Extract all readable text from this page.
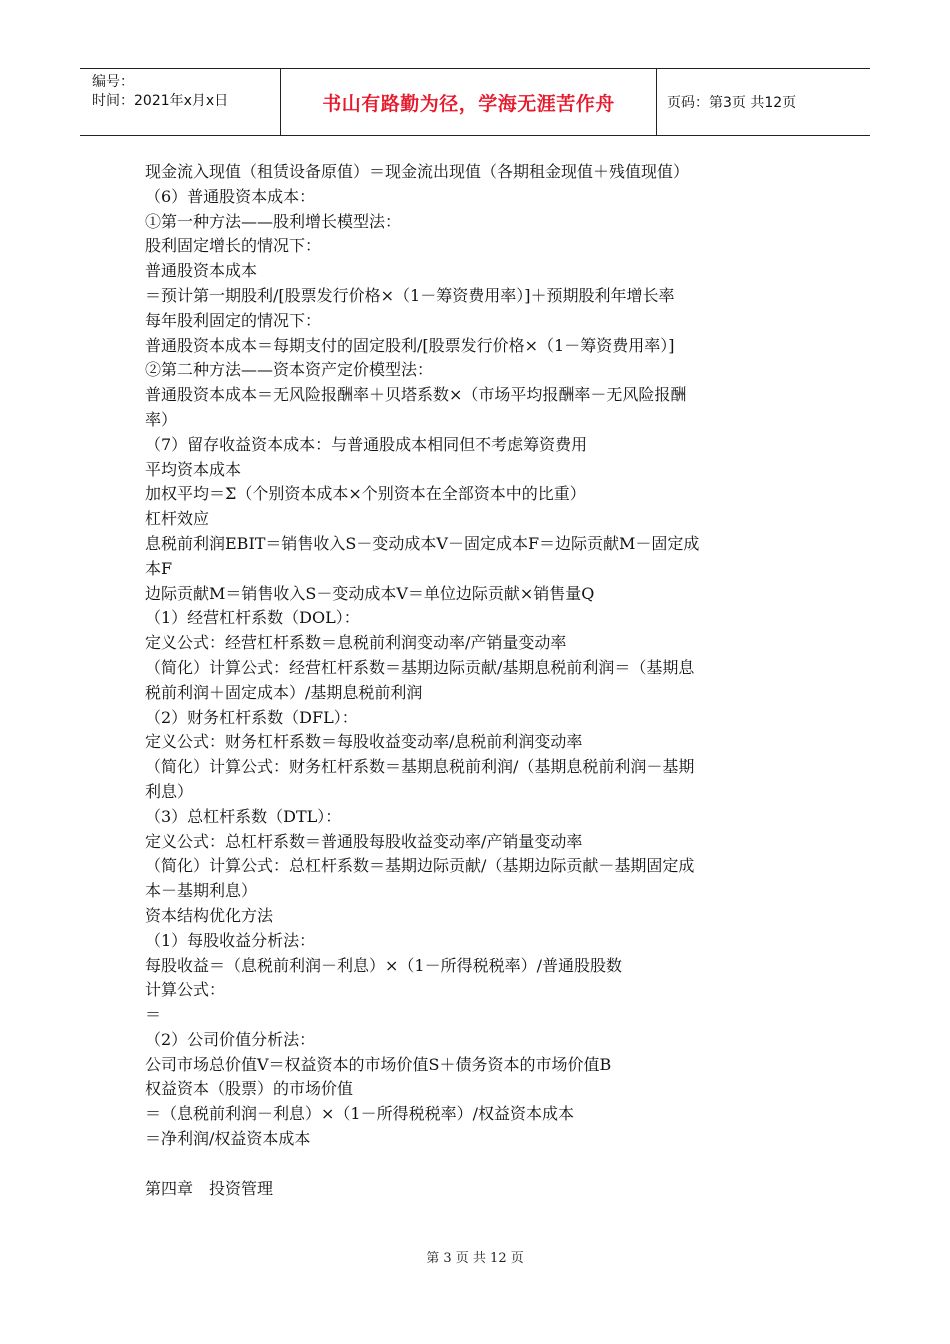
编号：
时间：2021年x月x日	书山有路勤为径，学海无涯苦作舟	页码：第3页 共12页
现金流入现值（租赁设备原值）＝现金流出现值（各期租金现值＋残值现值）
（6）普通股资本成本：
①第一种方法——股利增长模型法：
股利固定增长的情况下：
普通股资本成本
＝预计第一期股利/[股票发行价格×（1－筹资费用率）]＋预期股利年增长率
每年股利固定的情况下：
普通股资本成本＝每期支付的固定股利/[股票发行价格×（1－筹资费用率）]
②第二种方法——资本资产定价模型法：
普通股资本成本＝无风险报酬率＋贝塔系数×（市场平均报酬率－无风险报酬
率）
（7）留存收益资本成本：与普通股成本相同但不考虑筹资费用
平均资本成本
加权平均＝Σ（个别资本成本×个别资本在全部资本中的比重）
杠杆效应
息税前利润EBIT＝销售收入S－变动成本V－固定成本F＝边际贡献M－固定成
本F
边际贡献M＝销售收入S－变动成本V＝单位边际贡献×销售量Q
（1）经营杠杆系数（DOL）：
定义公式：经营杠杆系数＝息税前利润变动率/产销量变动率
（简化）计算公式：经营杠杆系数＝基期边际贡献/基期息税前利润＝（基期息
税前利润＋固定成本）/基期息税前利润
（2）财务杠杆系数（DFL）：
定义公式：财务杠杆系数＝每股收益变动率/息税前利润变动率
（简化）计算公式：财务杠杆系数＝基期息税前利润/（基期息税前利润－基期
利息）
（3）总杠杆系数（DTL）：
定义公式：总杠杆系数＝普通股每股收益变动率/产销量变动率
（简化）计算公式：总杠杆系数＝基期边际贡献/（基期边际贡献－基期固定成
本－基期利息）
资本结构优化方法
（1）每股收益分析法：
每股收益＝（息税前利润－利息）×（1－所得税税率）/普通股股数
计算公式：
＝
（2）公司价值分析法：
公司市场总价值V＝权益资本的市场价值S＋债务资本的市场价值B
权益资本（股票）的市场价值
＝（息税前利润－利息）×（1－所得税税率）/权益资本成本
＝净利润/权益资本成本
第四章　投资管理
第 3 页 共 12 页
